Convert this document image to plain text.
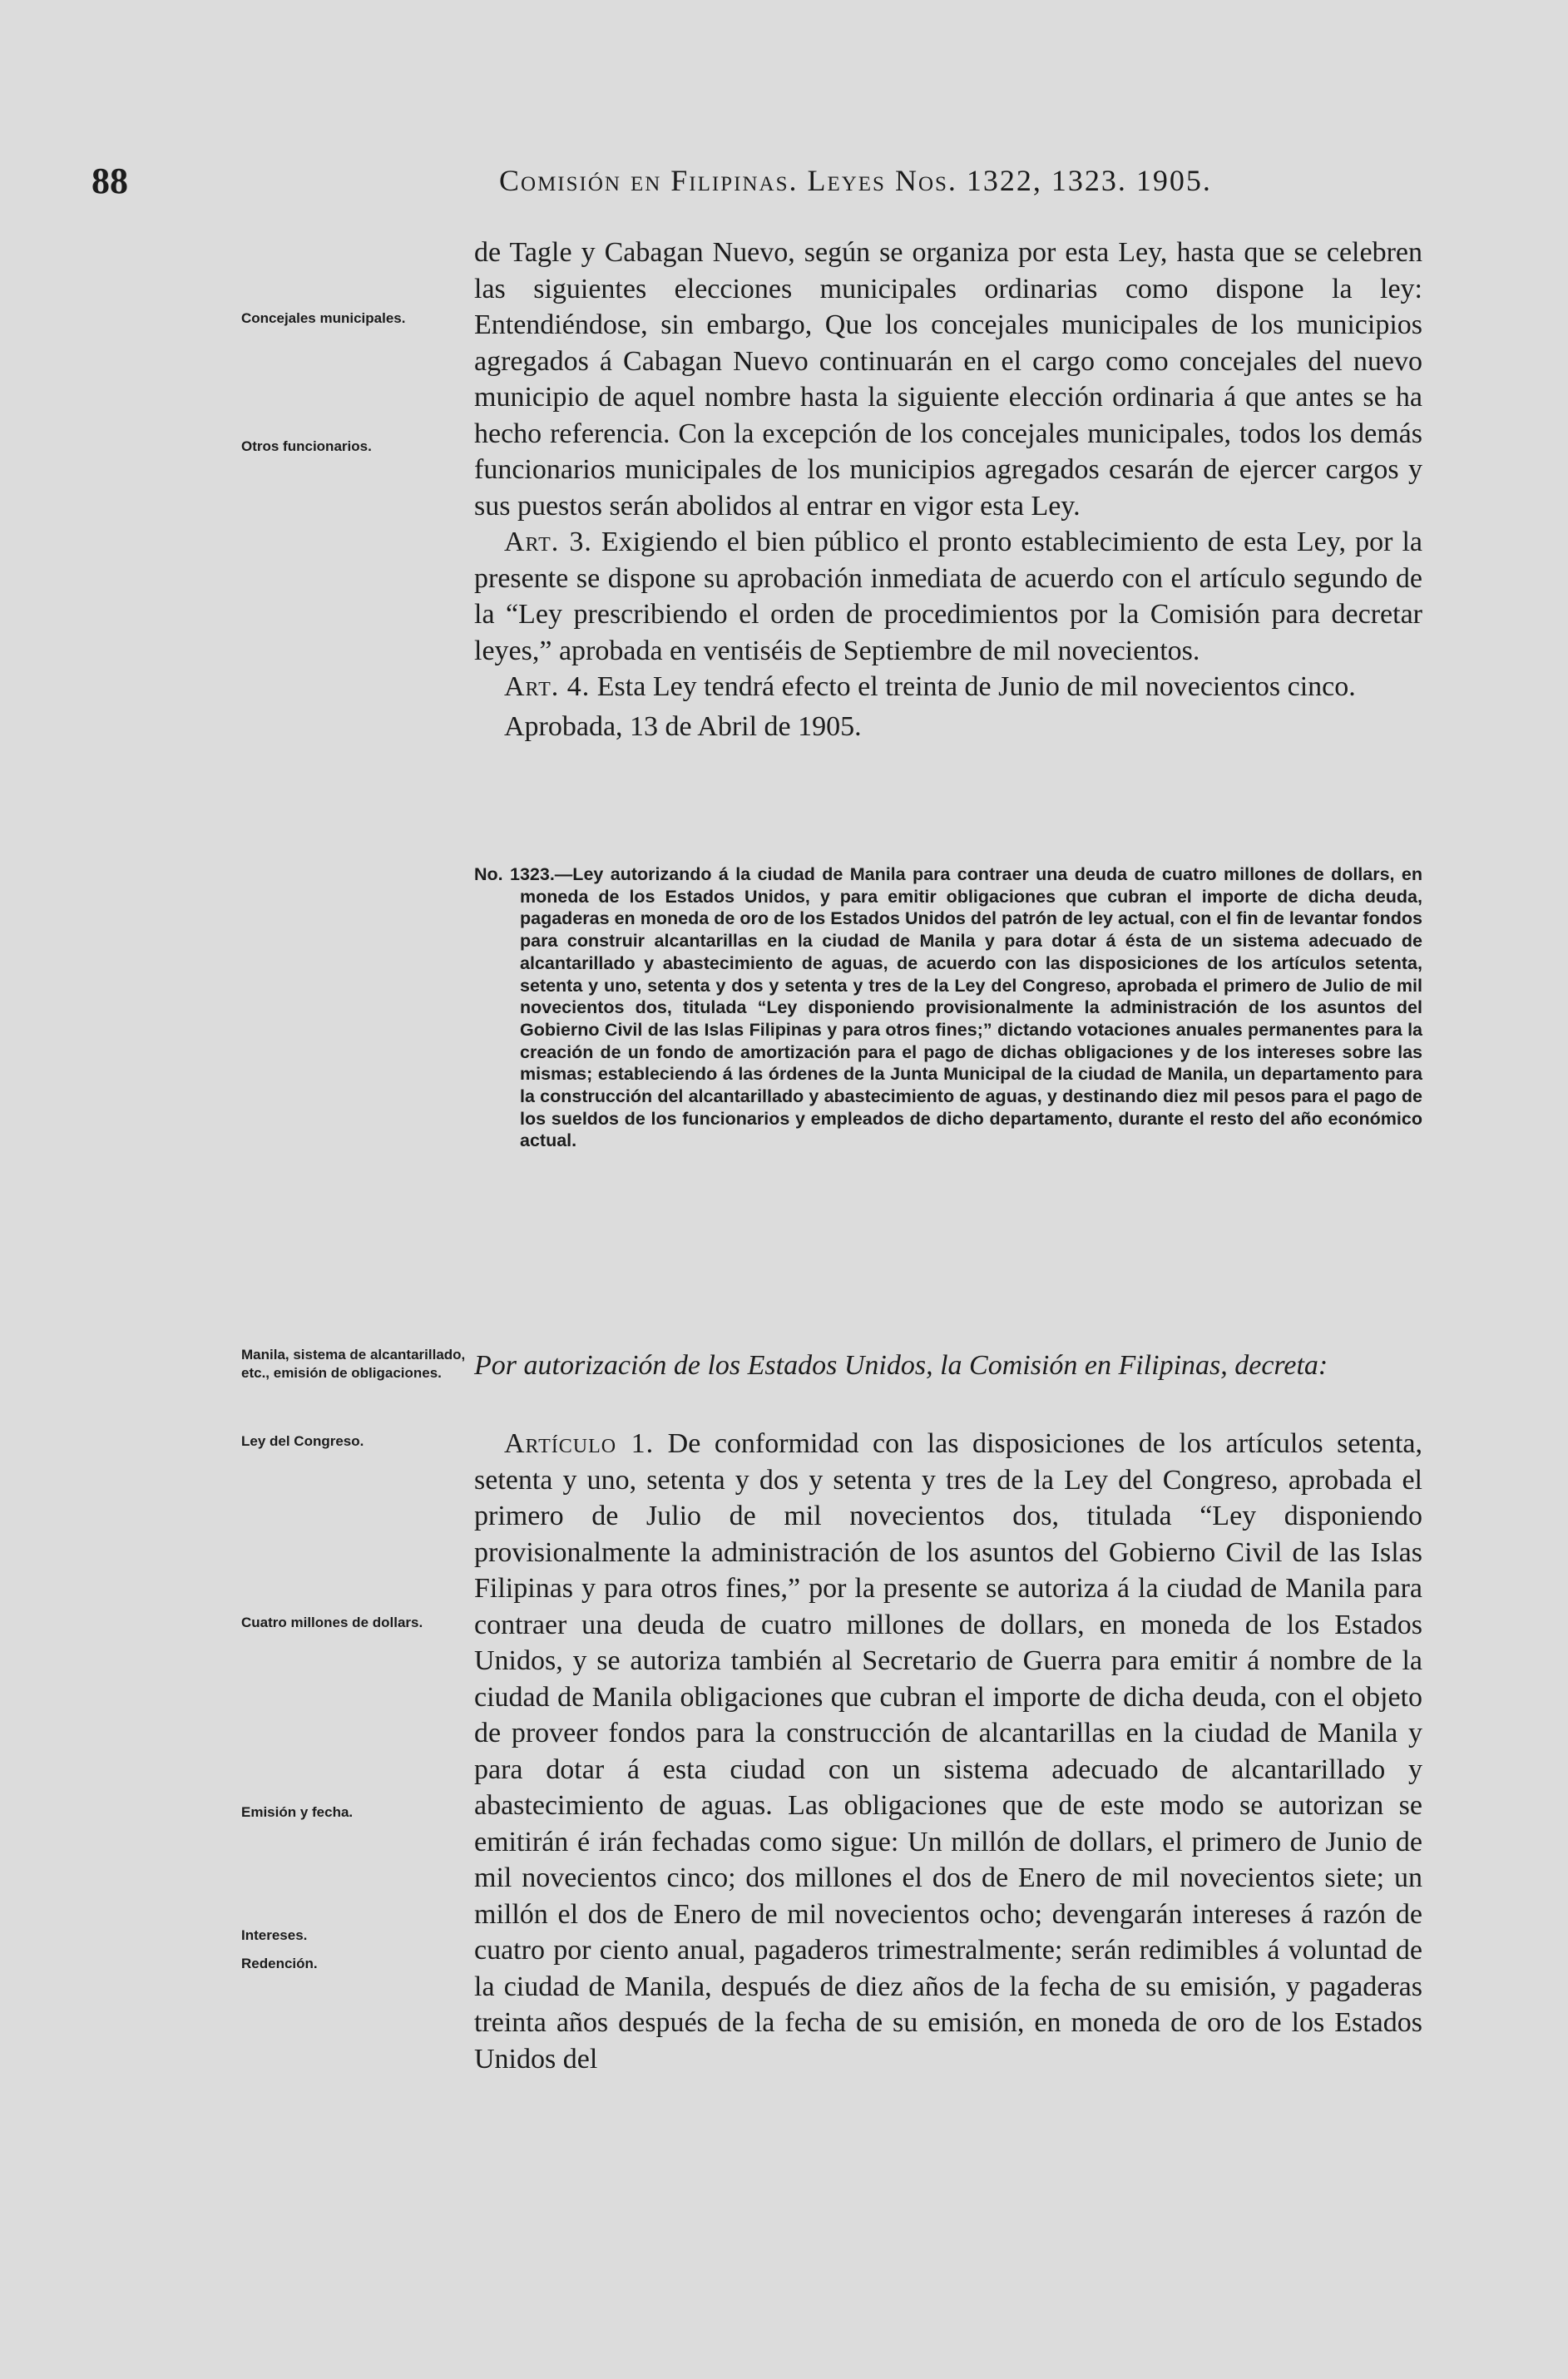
88	Comisión en Filipinas. Leyes Nos. 1322, 1323. 1905.
Concejales municipales.
Otros funcionarios.

de Tagle y Cabagan Nuevo, según se organiza por esta Ley, hasta que se celebren las siguientes elecciones municipales ordinarias como dispone la ley: Entendiéndose, sin embargo, Que los concejales municipales de los municipios agregados á Cabagan Nuevo continuarán en el cargo como concejales del nuevo municipio de aquel nombre hasta la siguiente elección ordinaria á que antes se ha hecho referencia. Con la excepción de los concejales municipales, todos los demás funcionarios municipales de los municipios agregados cesarán de ejercer cargos y sus puestos serán abolidos al entrar en vigor esta Ley.

Art. 3. Exigiendo el bien público el pronto establecimiento de esta Ley, por la presente se dispone su aprobación inmediata de acuerdo con el artículo segundo de la “Ley prescribiendo el orden de procedimientos por la Comisión para decretar leyes,” aprobada en ventiséis de Septiembre de mil novecientos.

Art. 4. Esta Ley tendrá efecto el treinta de Junio de mil novecientos cinco.

Aprobada, 13 de Abril de 1905.

No. 1323.—Ley autorizando á la ciudad de Manila para contraer una deuda de cuatro millones de dollars, en moneda de los Estados Unidos, y para emitir obligaciones que cubran el importe de dicha deuda, pagaderas en moneda de oro de los Estados Unidos del patrón de ley actual, con el fin de levantar fondos para construir alcantarillas en la ciudad de Manila y para dotar á ésta de un sistema adecuado de alcantarillado y abastecimiento de aguas, de acuerdo con las disposiciones de los artículos setenta, setenta y uno, setenta y dos y setenta y tres de la Ley del Congreso, aprobada el primero de Julio de mil novecientos dos, titulada “Ley disponiendo provisionalmente la administración de los asuntos del Gobierno Civil de las Islas Filipinas y para otros fines;” dictando votaciones anuales permanentes para la creación de un fondo de amortización para el pago de dichas obligaciones y de los intereses sobre las mismas; estableciendo á las órdenes de la Junta Municipal de la ciudad de Manila, un departamento para la construcción del alcantarillado y abastecimiento de aguas, y destinando diez mil pesos para el pago de los sueldos de los funcionarios y empleados de dicho departamento, durante el resto del año económico actual.

Manila, sistema de alcantarillado, etc., emisión de obligaciones.
Ley del Congreso.
Cuatro millones de dollars.
Emisión y fecha.
Intereses.
Redención.
Por autorización de los Estados Unidos, la Comisión en Filipinas, decreta:

Artículo 1. De conformidad con las disposiciones de los artículos setenta, setenta y uno, setenta y dos y setenta y tres de la Ley del Congreso, aprobada el primero de Julio de mil novecientos dos, titulada “Ley disponiendo provisionalmente la administración de los asuntos del Gobierno Civil de las Islas Filipinas y para otros fines,” por la presente se autoriza á la ciudad de Manila para contraer una deuda de cuatro millones de dollars, en moneda de los Estados Unidos, y se autoriza también al Secretario de Guerra para emitir á nombre de la ciudad de Manila obligaciones que cubran el importe de dicha deuda, con el objeto de proveer fondos para la construcción de alcantarillas en la ciudad de Manila y para dotar á esta ciudad con un sistema adecuado de alcantarillado y abastecimiento de aguas. Las obligaciones que de este modo se autorizan se emitirán é irán fechadas como sigue: Un millón de dollars, el primero de Junio de mil novecientos cinco; dos millones el dos de Enero de mil novecientos siete; un millón el dos de Enero de mil novecientos ocho; devengarán intereses á razón de cuatro por ciento anual, pagaderos trimestralmente; serán redimibles á voluntad de la ciudad de Manila, después de diez años de la fecha de su emisión, y pagaderas treinta años después de la fecha de su emisión, en moneda de oro de los Estados Unidos del
